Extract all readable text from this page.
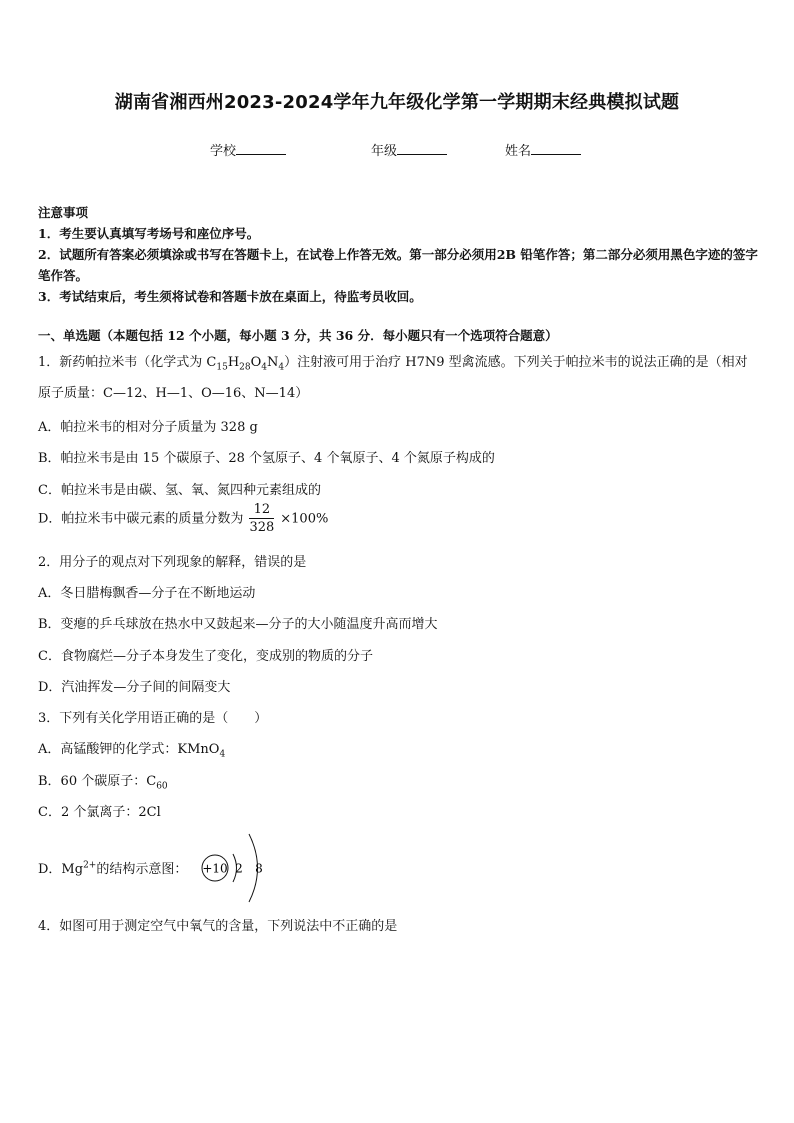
湖南省湘西州2023-2024学年九年级化学第一学期期末经典模拟试题
学校	年级	姓名
注意事项
1．考生要认真填写考场号和座位序号。
2．试题所有答案必须填涂或书写在答题卡上，在试卷上作答无效。第一部分必须用2B 铅笔作答；第二部分必须用黑色字迹的签字笔作答。
3．考试结束后，考生须将试卷和答题卡放在桌面上，待监考员收回。
一、单选题（本题包括 12 个小题，每小题 3 分，共 36 分．每小题只有一个选项符合题意）
1．新药帕拉米韦（化学式为 $C_{15}H_{28}O_4N_4$）注射液可用于治疗 H7N9 型禽流感。下列关于帕拉米韦的说法正确的是（相对原子质量：C—12、H—1、O—16、N—14）
A．帕拉米韦的相对分子质量为 328 g
B．帕拉米韦是由 15 个碳原子、28 个氢原子、4 个氧原子、4 个氮原子构成的
C．帕拉米韦是由碳、氢、氧、氮四种元素组成的
D．帕拉米韦中碳元素的质量分数为 $\frac{12}{328} \times 100\%$
2．用分子的观点对下列现象的解释，错误的是
A．冬日腊梅飘香—分子在不断地运动
B．变瘪的乒乓球放在热水中又鼓起来—分子的大小随温度升高而增大
C．食物腐烂—分子本身发生了变化，变成别的物质的分子
D．汽油挥发—分子间的间隔变大
3．下列有关化学用语正确的是（　　）
A．高锰酸钾的化学式：KMnO$_4$
B．60 个碳原子：$C_{60}$
C．2 个氯离子：2Cl
D．$Mg^{2+}$的结构示意图： +10 2 8
4．如图可用于测定空气中氧气的含量，下列说法中不正确的是
